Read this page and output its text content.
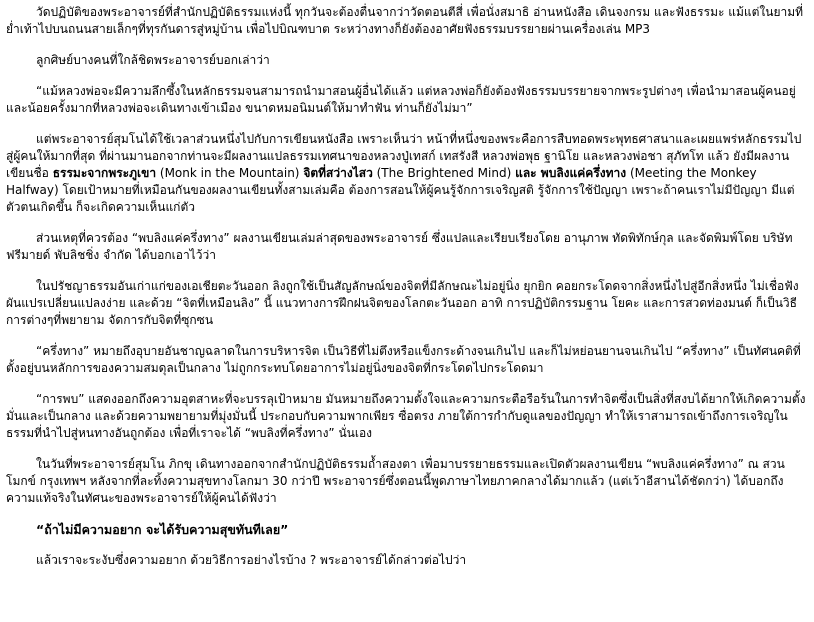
วัดปฏิบัติของพระอาจารย์ที่สำนักปฏิบัติธรรมแห่งนี้ ทุกวันจะต้องตื่นจากว่าวัดตอนตีสี่ เพื่อนั่งสมาธิ อ่านหนังสือ เดินจงกรม และฟังธรรมะ แม้แต่ในยามที่ย่ำเท้าไปบนถนนสายเล็กๆที่ทุรกันดารสู่หมู่บ้าน เพื่อไปบิณฑบาต ระหว่างทางก็ยังต้องอาศัยฟังธรรมบรรยายผ่านเครื่องเล่น MP3

ลูกศิษย์บางคนที่ใกล้ชิดพระอาจารย์บอกเล่าว่า

“แม้หลวงพ่อจะมีความลึกซึ้งในหลักธรรมจนสามารถนำมาสอนผู้อื่นได้แล้ว แต่หลวงพ่อก็ยังต้องฟังธรรมบรรยายจากพระรูปต่างๆ เพื่อนำมาสอนผู้คนอยู่ และน้อยครั้งมากที่หลวงพ่อจะเดินทางเข้าเมือง ขนาดหมอนิมนต์ให้มาทำฟัน ท่านก็ยังไม่มา”

แต่พระอาจารย์สุมโนได้ใช้เวลาส่วนหนึ่งไปกับการเขียนหนังสือ เพราะเห็นว่า หน้าที่หนึ่งของพระคือการสืบทอดพระพุทธศาสนาและเผยแพร่หลักธรรมไปสู่ผู้คนให้มากที่สุด ที่ผ่านมานอกจากท่านจะมีผลงานแปลธรรมเทศนาของหลวงปู่เทสก์ เทสรังสี หลวงพ่อพุธ ฐานิโย และหลวงพ่อชา สุภัทโท แล้ว ยังมีผลงานเขียนชื่อ ธรรมะจากพระภูเขา (Monk in the Mountain) จิตที่สว่างไสว (The Brightened Mind) และ พบลิงแค่ครึ่งทาง (Meeting the Monkey Halfway) โดยเป้าหมายที่เหมือนกันของผลงานเขียนทั้งสามเล่มคือ ต้องการสอนให้ผู้คนรู้จักการเจริญสติ รู้จักการใช้ปัญญา เพราะถ้าคนเราไม่มีปัญญา มีแต่ตัวตนเกิดขึ้น ก็จะเกิดความเห็นแก่ตัว

ส่วนเหตุที่ควรต้อง “พบลิงแค่ครึ่งทาง” ผลงานเขียนเล่มล่าสุดของพระอาจารย์ ซึ่งแปลและเรียบเรียงโดย อานุภาพ ทัดพิทักษ์กุล และจัดพิมพ์โดย บริษัท ฟรีมายด์ พับลิชชิ่ง จำกัด ได้บอกเอาไว้ว่า

ในปรัชญาธรรมอันเก่าแก่ของเอเชียตะวันออก ลิงถูกใช้เป็นสัญลักษณ์ของจิตที่มีลักษณะไม่อยู่นิ่ง ยุกยิก คอยกระโดดจากสิ่งหนึ่งไปสู่อีกสิ่งหนึ่ง ไม่เชื่อฟัง ผันแปรเปลี่ยนแปลงง่าย และด้วย “จิตที่เหมือนลิง” นี้ แนวทางการฝึกฝนจิตของโลกตะวันออก อาทิ การปฏิบัติกรรมฐาน โยคะ และการสวดท่องมนต์ ก็เป็นวิธีการต่างๆที่พยายาม จัดการกับจิตที่ซุกซน

“ครึ่งทาง” หมายถึงอุบายอันชาญฉลาดในการบริหารจิต เป็นวิธีที่ไม่ตึงหรือแข็งกระด้างจนเกินไป และก็ไม่หย่อนยานจนเกินไป “ครึ่งทาง” เป็นทัศนคติที่ตั้งอยู่บนหลักการของความสมดุลเป็นกลาง ไม่ถูกกระทบโดยอาการไม่อยู่นิ่งของจิตที่กระโดดไปกระโดดมา

“การพบ” แสดงออกถึงความอุตสาหะที่จะบรรลุเป้าหมาย มันหมายถึงความตั้งใจและความกระตือรือร้นในการทำจิตซึ่งเป็นสิ่งที่สงบได้ยากให้เกิดความตั้งมั่นและเป็นกลาง และด้วยความพยายามที่มุ่งมั่นนี้ ประกอบกับความพากเพียร ซื่อตรง ภายใต้การกำกับดูแลของปัญญา ทำให้เราสามารถเข้าถึงการเจริญในธรรมที่นำไปสู่หนทางอันถูกต้อง เพื่อที่เราจะได้ “พบลิงที่ครึ่งทาง” นั่นเอง

ในวันที่พระอาจารย์สุมโน ภิกขุ เดินทางออกจากสำนักปฏิบัติธรรมถ้ำสองตา เพื่อมาบรรยายธรรมและเปิดตัวผลงานเขียน “พบลิงแค่ครึ่งทาง” ณ สวนโมกข์ กรุงเทพฯ หลังจากที่ละทิ้งความสุขทางโลกมา 30 กว่าปี พระอาจารย์ซึ่งตอนนี้พูดภาษาไทยภาคกลางได้มากแล้ว (แต่เว้าอีสานได้ชัดกว่า) ได้บอกถึงความแท้จริงในทัศนะของพระอาจารย์ให้ผู้คนได้ฟังว่า

“ถ้าไม่มีความอยาก จะได้รับความสุขทันทีเลย”

แล้วเราจะระงับซึ่งความอยาก ด้วยวิธีการอย่างไรบ้าง ? พระอาจารย์ได้กล่าวต่อไปว่า
